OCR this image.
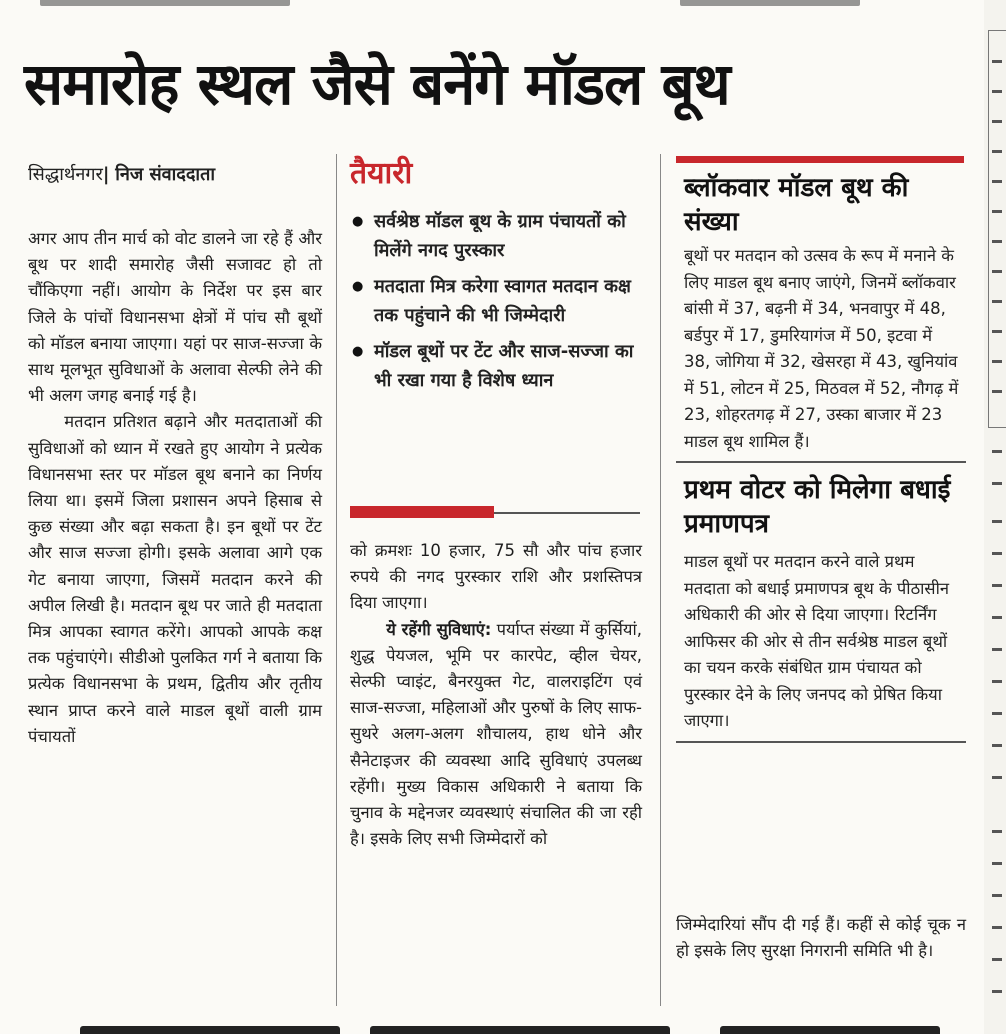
समारोह स्थल जैसे बनेंगे मॉडल बूथ
सिद्धार्थनगर| निज संवाददाता

अगर आप तीन मार्च को वोट डालने जा रहे हैं और बूथ पर शादी समारोह जैसी सजावट हो तो चौंकिएगा नहीं। आयोग के निर्देश पर इस बार जिले के पांचों विधानसभा क्षेत्रों में पांच सौ बूथों को मॉडल बनाया जाएगा। यहां पर साज-सज्जा के साथ मूलभूत सुविधाओं के अलावा सेल्फी लेने की भी अलग जगह बनाई गई है।

मतदान प्रतिशत बढ़ाने और मतदाताओं की सुविधाओं को ध्यान में रखते हुए आयोग ने प्रत्येक विधानसभा स्तर पर मॉडल बूथ बनाने का निर्णय लिया था। इसमें जिला प्रशासन अपने हिसाब से कुछ संख्या और बढ़ा सकता है। इन बूथों पर टेंट और साज सज्जा होगी। इसके अलावा आगे एक गेट बनाया जाएगा, जिसमें मतदान करने की अपील लिखी है। मतदान बूथ पर जाते ही मतदाता मित्र आपका स्वागत करेंगे। आपको आपके कक्ष तक पहुंचाएंगे। सीडीओ पुलकित गर्ग ने बताया कि प्रत्येक विधानसभा के प्रथम, द्वितीय और तृतीय स्थान प्राप्त करने वाले माडल बूथों वाली ग्राम पंचायतों

तैयारी
● सर्वश्रेष्ठ मॉडल बूथ के ग्राम पंचायतों को मिलेंगे नगद पुरस्कार
● मतदाता मित्र करेगा स्वागत मतदान कक्ष तक पहुंचाने की भी जिम्मेदारी
● मॉडल बूथों पर टेंट और साज-सज्जा का भी रखा गया है विशेष ध्यान

को क्रमशः 10 हजार, 75 सौ और पांच हजार रुपये की नगद पुरस्कार राशि और प्रशस्तिपत्र दिया जाएगा।

ये रहेंगी सुविधाएं: पर्याप्त संख्या में कुर्सियां, शुद्ध पेयजल, भूमि पर कारपेट, व्हील चेयर, सेल्फी प्वाइंट, बैनरयुक्त गेट, वालराइटिंग एवं साज-सज्जा, महिलाओं और पुरुषों के लिए साफ-सुथरे अलग-अलग शौचालय, हाथ धोने और सैनेटाइजर की व्यवस्था आदि सुविधाएं उपलब्ध रहेंगी। मुख्य विकास अधिकारी ने बताया कि चुनाव के मद्देनजर व्यवस्थाएं संचालित की जा रही है। इसके लिए सभी जिम्मेदारों को

ब्लॉकवार मॉडल बूथ की संख्या

बूथों पर मतदान को उत्सव के रूप में मनाने के लिए माडल बूथ बनाए जाएंगे, जिनमें ब्लॉकवार बांसी में 37, बढ़नी में 34, भनवापुर में 48, बर्डपुर में 17, डुमरियागंज में 50, इटवा में 38, जोगिया में 32, खेसरहा में 43, खुनियांव में 51, लोटन में 25, मिठवल में 52, नौगढ़ में 23, शोहरतगढ़ में 27, उस्का बाजार में 23 माडल बूथ शामिल हैं।

प्रथम वोटर को मिलेगा बधाई प्रमाणपत्र

माडल बूथों पर मतदान करने वाले प्रथम मतदाता को बधाई प्रमाणपत्र बूथ के पीठासीन अधिकारी की ओर से दिया जाएगा। रिटर्निंग आफिसर की ओर से तीन सर्वश्रेष्ठ माडल बूथों का चयन करके संबंधित ग्राम पंचायत को पुरस्कार देने के लिए जनपद को प्रेषित किया जाएगा।

जिम्मेदारियां सौंप दी गई हैं। कहीं से कोई चूक न हो इसके लिए सुरक्षा निगरानी समिति भी है।
